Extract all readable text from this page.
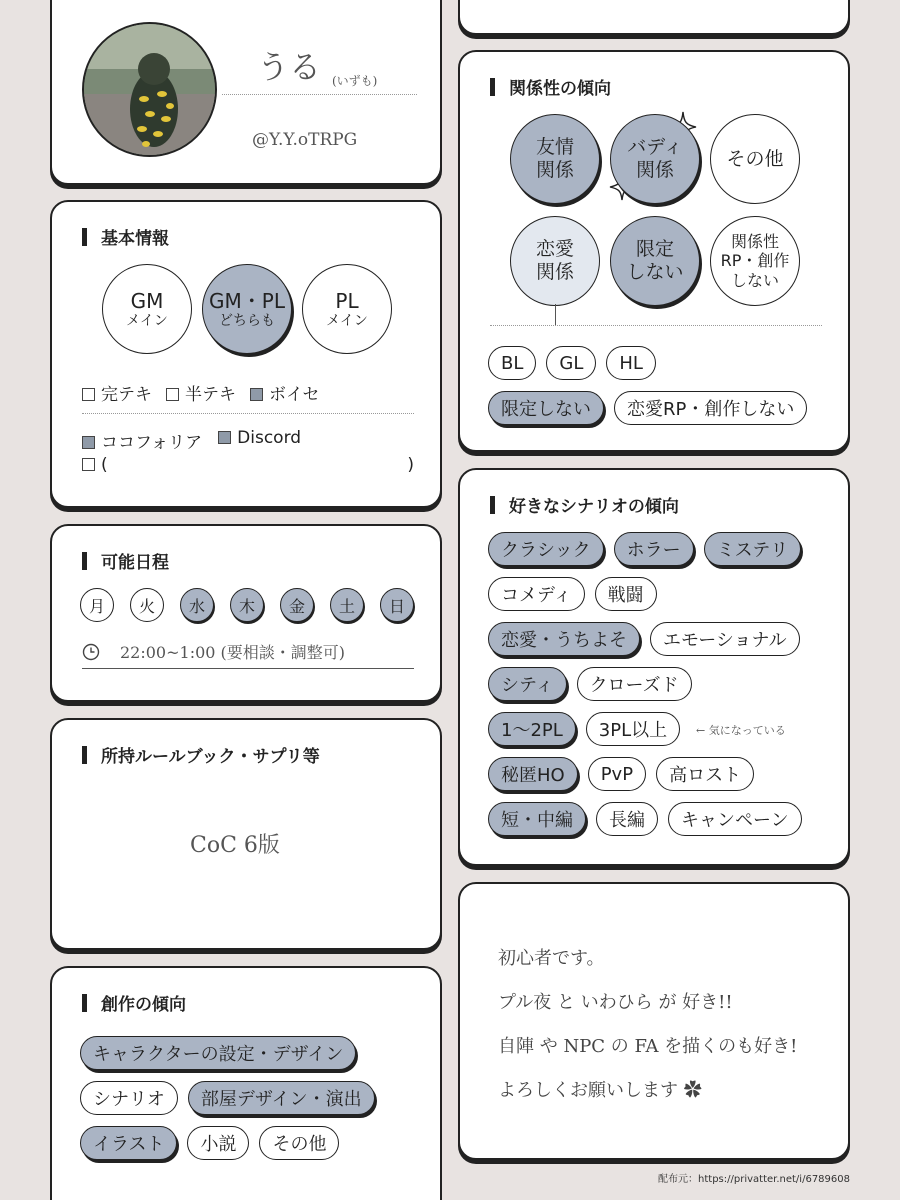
うる (いずも)
@Y.Y.oTRPG
基本情報
GM
メイン
GM・PL
どちらも
PL
メイン
完テキ	半テキ	ボイセ
ココフォリア	Discord
(	)
可能日程
月	火	水	木	金	土	日
22:00~1:00 (要相談・調整可)
所持ルールブック・サプリ等
CoC 6版
創作の傾向
キャラクターの設定・デザイン
シナリオ	部屋デザイン・演出
イラスト	小説	その他
関係性の傾向
友情
関係
バディ
関係
その他
恋愛
関係
限定
しない
関係性
RP・創作
しない
BL	GL	HL
限定しない	恋愛RP・創作しない
好きなシナリオの傾向
クラシック	ホラー	ミステリ
コメディ	戦闘
恋愛・うちよそ	エモーショナル
シティ	クローズド
1〜2PL	3PL以上
秘匿HO	PvP	高ロスト
短・中編	長編	キャンペーン
← 気になっている
初心者です。
プル夜 と いわひら が 好き!!
自陣 や NPC の FA を描くのも好き!
よろしくお願いします ✿
配布元：https://privatter.net/i/6789608
